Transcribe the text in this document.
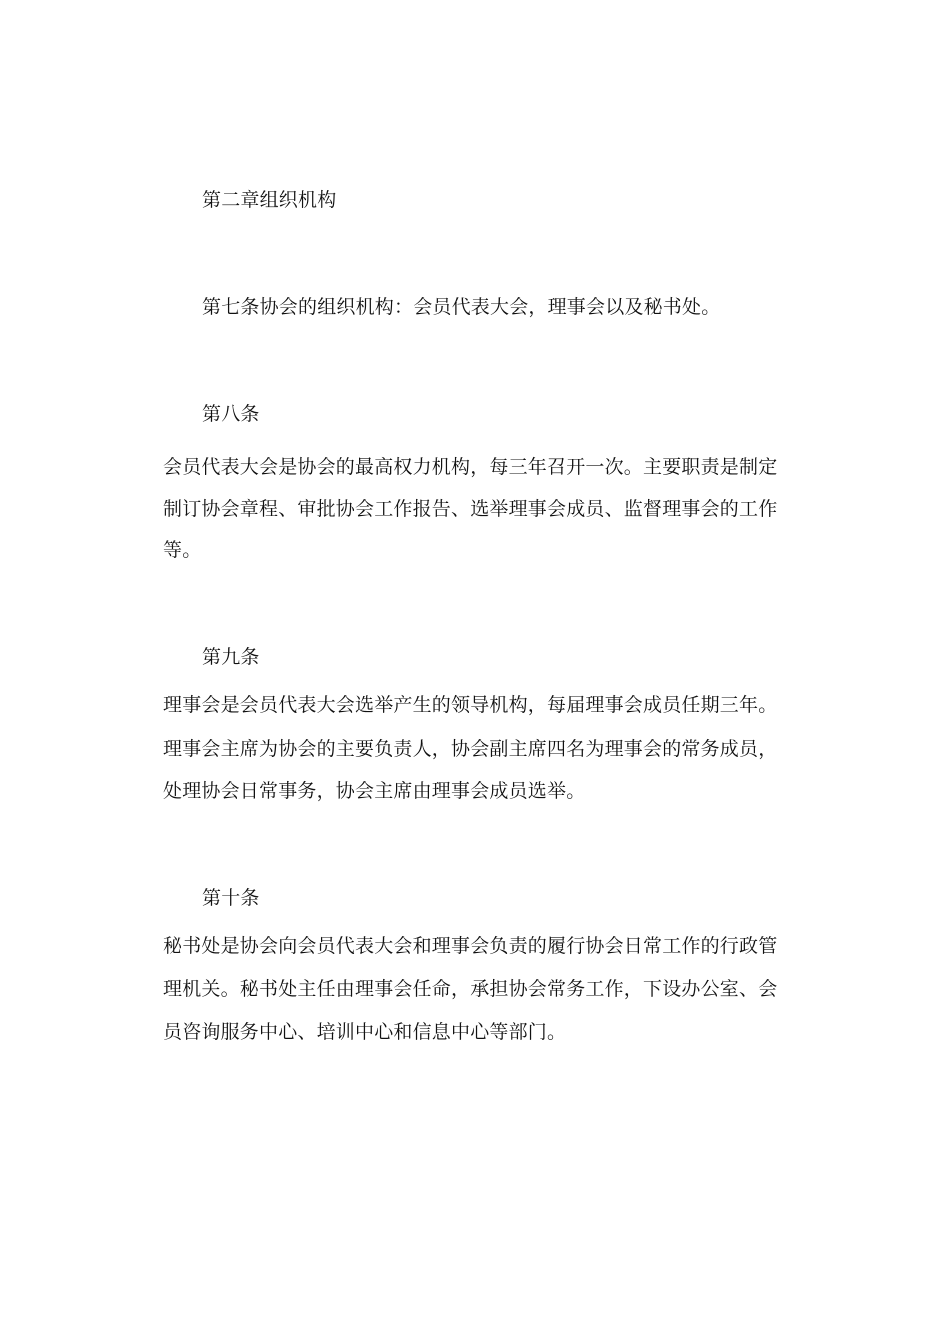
第二章组织机构
第七条协会的组织机构：会员代表大会，理事会以及秘书处。
第八条
会员代表大会是协会的最高权力机构，每三年召开一次。主要职责是制定
制订协会章程、审批协会工作报告、选举理事会成员、监督理事会的工作
等。
第九条
理事会是会员代表大会选举产生的领导机构，每届理事会成员任期三年。
理事会主席为协会的主要负责人，协会副主席四名为理事会的常务成员，
处理协会日常事务，协会主席由理事会成员选举。
第十条
秘书处是协会向会员代表大会和理事会负责的履行协会日常工作的行政管
理机关。秘书处主任由理事会任命，承担协会常务工作，下设办公室、会
员咨询服务中心、培训中心和信息中心等部门。
